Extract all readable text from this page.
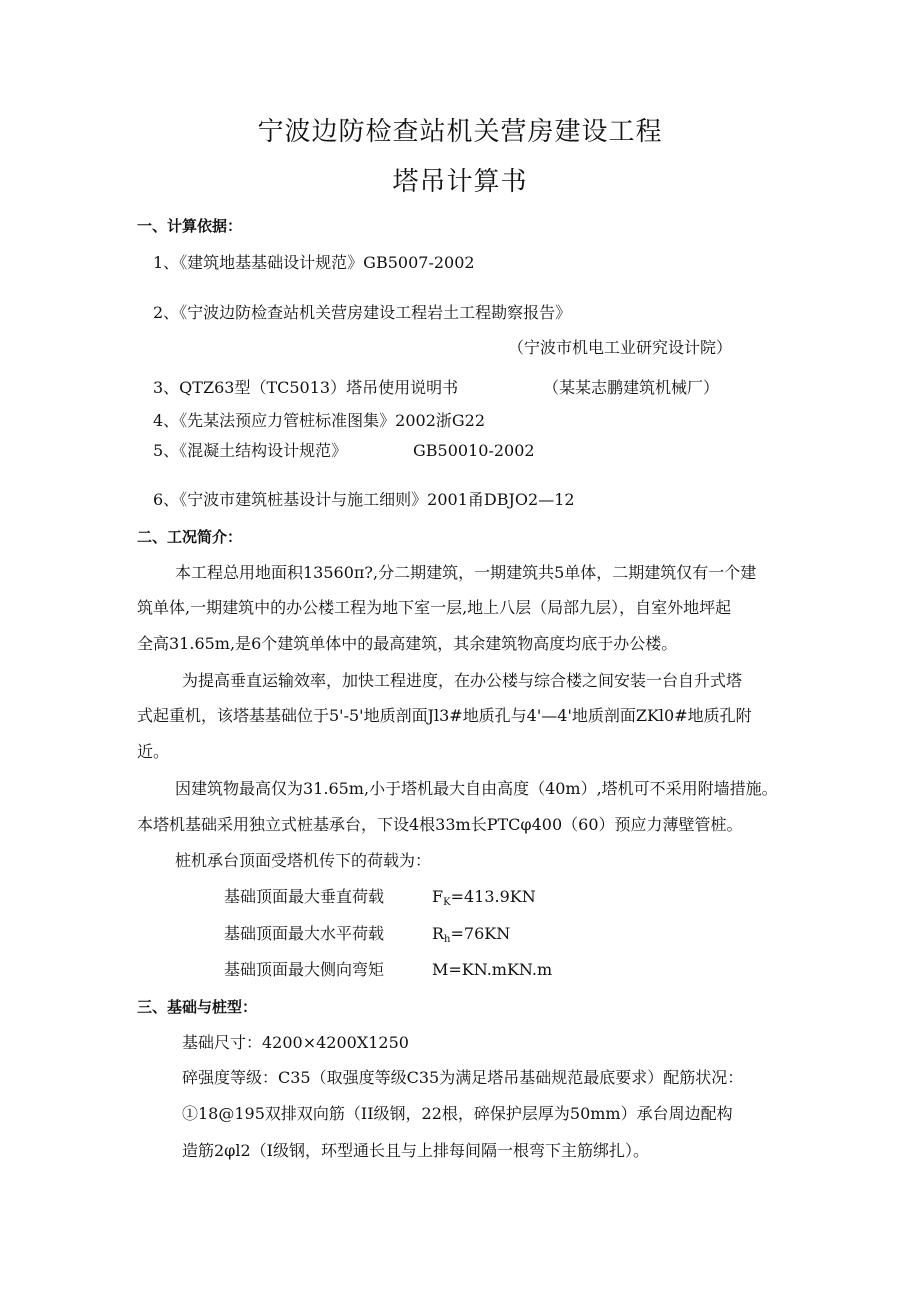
宁波边防检查站机关营房建设工程
塔吊计算书
一、计算依据：
1、《建筑地基基础设计规范》GB5007-2002
2、《宁波边防检查站机关营房建设工程岩土工程勘察报告》
（宁波市机电工业研究设计院）
3、QTZ63型（TC5013）塔吊使用说明书	（某某志鹏建筑机械厂）
4、《先某法预应力管桩标准图集》2002浙G22
5、《混凝土结构设计规范》	GB50010-2002
6、《宁波市建筑桩基设计与施工细则》2001甬DBJO2—12
二、工况简介：
本工程总用地面积13560π?,分二期建筑，一期建筑共5单体，二期建筑仅有一个建
筑单体,一期建筑中的办公楼工程为地下室一层,地上八层（局部九层），自室外地坪起
全高31.65m,是6个建筑单体中的最高建筑，其余建筑物高度均底于办公楼。
为提高垂直运输效率，加快工程进度，在办公楼与综合楼之间安装一台自升式塔
式起重机，该塔基基础位于5'-5'地质剖面Jl3#地质孔与4'—4'地质剖面ZKl0#地质孔附
近。
因建筑物最高仅为31.65m,小于塔机最大自由高度（40m）,塔机可不采用附墙措施。
本塔机基础采用独立式桩基承台，下设4根33m长PTCφ400（60）预应力薄壁管桩。
桩机承台顶面受塔机传下的荷载为：
基础顶面最大垂直荷载	$F_K=413.9KN$
基础顶面最大水平荷载	$R_h=76KN$
基础顶面最大侧向弯矩	M=KN.mKN.m
三、基础与桩型：
基础尺寸：4200×4200X1250
碎强度等级：C35（取强度等级C35为满足塔吊基础规范最底要求）配筋状况：
①18@195双排双向筋（II级钢，22根，碎保护层厚为50mm）承台周边配构
造筋2φl2（I级钢，环型通长且与上排每间隔一根弯下主筋绑扎）。
